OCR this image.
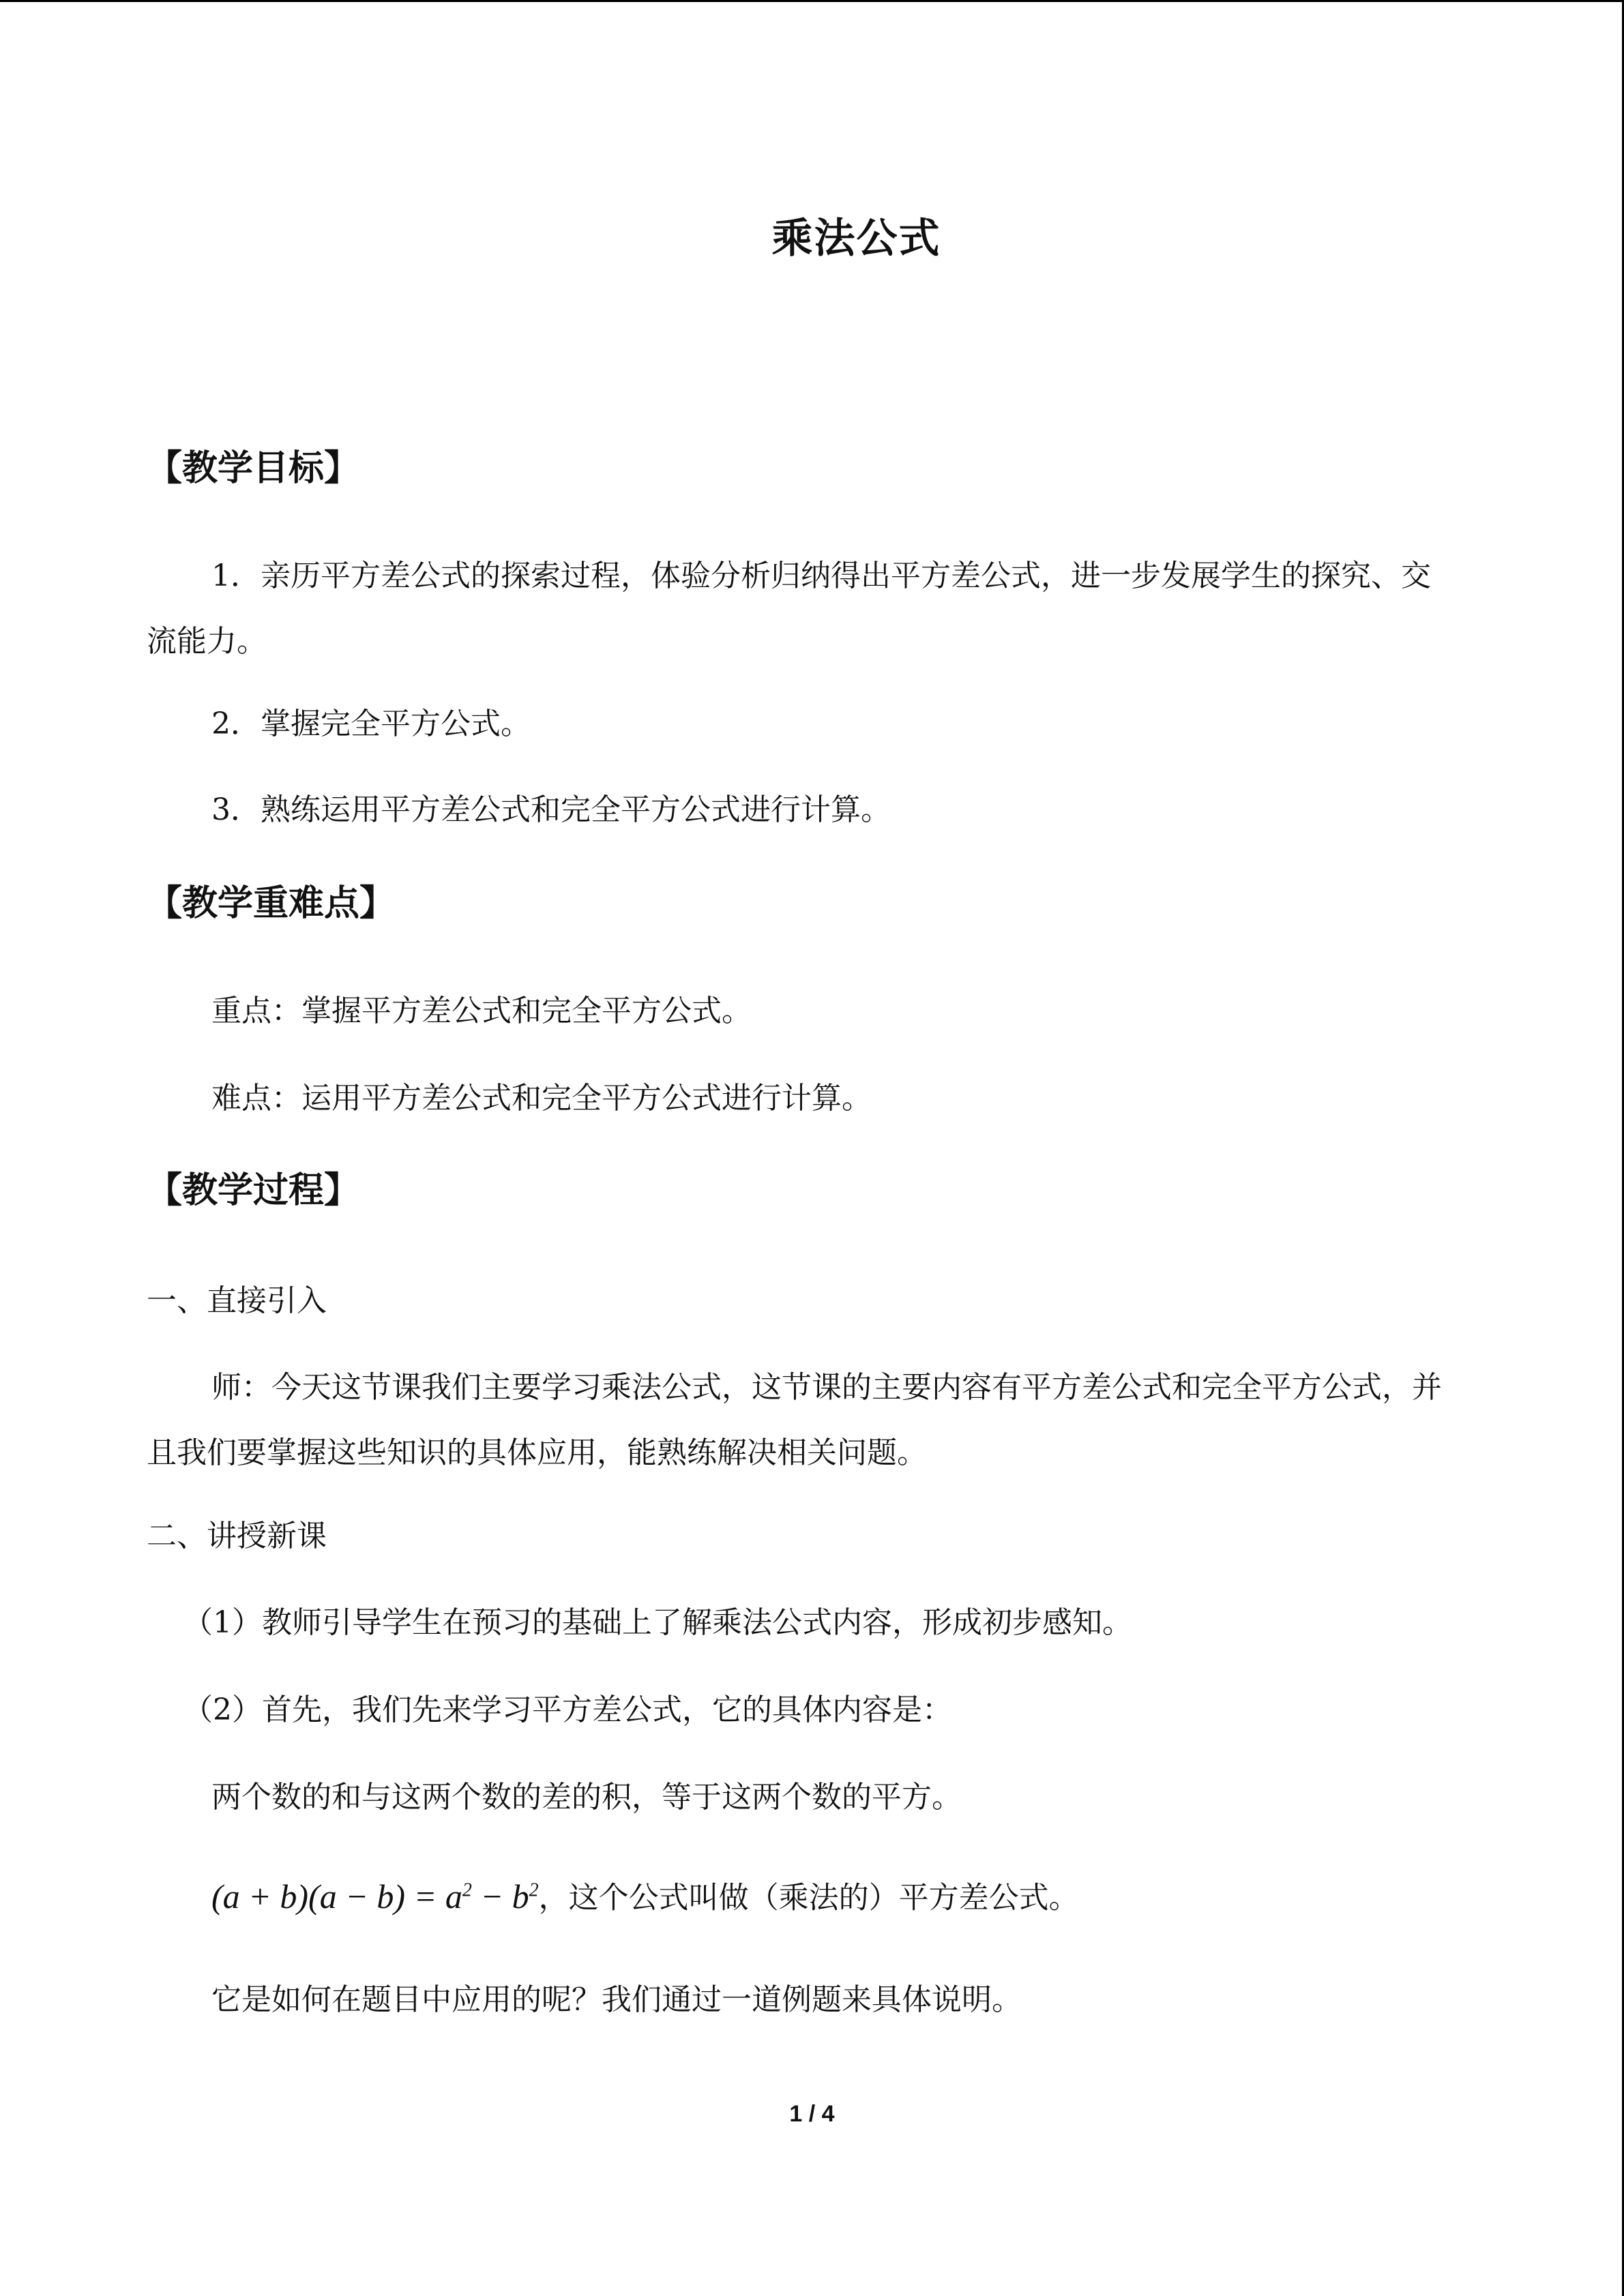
乘法公式
【教学目标】
1．亲历平方差公式的探索过程，体验分析归纳得出平方差公式，进一步发展学生的探究、交流能力。
2．掌握完全平方公式。
3．熟练运用平方差公式和完全平方公式进行计算。
【教学重难点】
重点：掌握平方差公式和完全平方公式。
难点：运用平方差公式和完全平方公式进行计算。
【教学过程】
一、直接引入
师：今天这节课我们主要学习乘法公式，这节课的主要内容有平方差公式和完全平方公式，并且我们要掌握这些知识的具体应用，能熟练解决相关问题。
二、讲授新课
（1）教师引导学生在预习的基础上了解乘法公式内容，形成初步感知。
（2）首先，我们先来学习平方差公式，它的具体内容是：
两个数的和与这两个数的差的积，等于这两个数的平方。
$(a + b)(a - b) = a^2 - b^2$，这个公式叫做（乘法的）平方差公式。
它是如何在题目中应用的呢？我们通过一道例题来具体说明。
1 / 4
